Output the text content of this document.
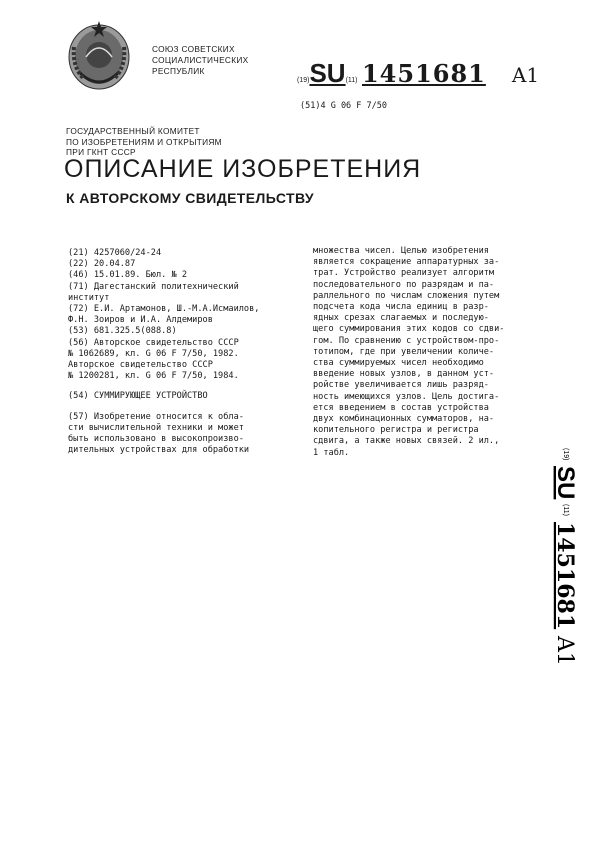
СОЮЗ СОВЕТСКИХ
СОЦИАЛИСТИЧЕСКИХ
РЕСПУБЛИК
(19)SU(11) 1451681 A1
(51)4 G 06 F 7/50
ГОСУДАРСТВЕННЫЙ КОМИТЕТ
ПО ИЗОБРЕТЕНИЯМ И ОТКРЫТИЯМ
ПРИ ГКНТ СССР
ОПИСАНИЕ ИЗОБРЕТЕНИЯ
К АВТОРСКОМУ СВИДЕТЕЛЬСТВУ
(21) 4257060/24-24
(22) 20.04.87
(46) 15.01.89. Бюл. № 2
(71) Дагестанский политехнический
институт
(72) Е.И. Артамонов, Ш.-М.А.Исмаилов,
Ф.Н. Зоиров и И.А. Алдемиров
(53) 681.325.5(088.8)
(56) Авторское свидетельство СССР
№ 1062689, кл. G 06 F 7/50, 1982.
Авторское свидетельство СССР
№ 1200281, кл. G 06 F 7/50, 1984.
(54) СУММИРУЮЩЕЕ УСТРОЙСТВО
(57) Изобретение относится к обла-
сти вычислительной техники и может
быть использовано в высокопроизво-
дительных устройствах для обработки
множества чисел. Целью изобретения
является сокращение аппаратурных за-
трат. Устройство реализует алгоритм
последовательного по разрядам и па-
раллельного по числам сложения путем
подсчета кода числа единиц в разр-
ядных срезах слагаемых и последую-
щего суммирования этих кодов со сдви-
гом. По сравнению с устройством-про-
тотипом, где при увеличении количе-
ства суммируемых чисел необходимо
введение новых узлов, в данном уст-
ройстве увеличивается лишь разряд-
ность имеющихся узлов. Цель достига-
ется введением в состав устройства
двух комбинационных сумматоров, на-
копительного регистра и регистра
сдвига, а также новых связей. 2 ил.,
1 табл.	(19)
SU
(11)
1451681
A1
